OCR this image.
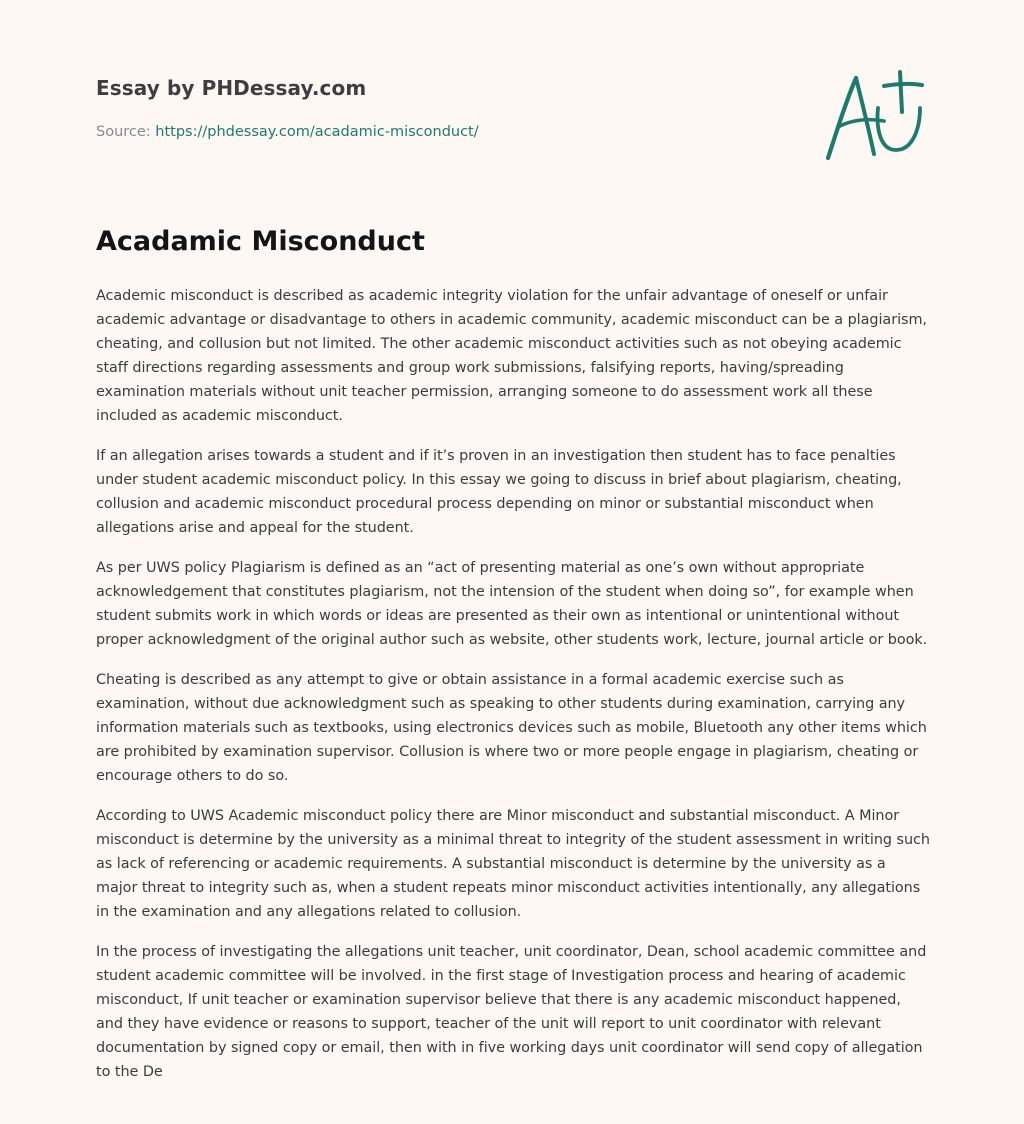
Essay by PHDessay.com
Source: https://phdessay.com/acadamic-misconduct/
Acadamic Misconduct

Academic misconduct is described as academic integrity violation for the unfair advantage of oneself or unfair academic advantage or disadvantage to others in academic community, academic misconduct can be a plagiarism, cheating, and collusion but not limited. The other academic misconduct activities such as not obeying academic staff directions regarding assessments and group work submissions, falsifying reports, having/spreading examination materials without unit teacher permission, arranging someone to do assessment work all these included as academic misconduct.

If an allegation arises towards a student and if it’s proven in an investigation then student has to face penalties under student academic misconduct policy. In this essay we going to discuss in brief about plagiarism, cheating, collusion and academic misconduct procedural process depending on minor or substantial misconduct when allegations arise and appeal for the student.

As per UWS policy Plagiarism is defined as an “act of presenting material as one’s own without appropriate acknowledgement that constitutes plagiarism, not the intension of the student when doing so”, for example when student submits work in which words or ideas are presented as their own as intentional or unintentional without proper acknowledgment of the original author such as website, other students work, lecture, journal article or book.

Cheating is described as any attempt to give or obtain assistance in a formal academic exercise such as examination, without due acknowledgment such as speaking to other students during examination, carrying any information materials such as textbooks, using electronics devices such as mobile, Bluetooth any other items which are prohibited by examination supervisor. Collusion is where two or more people engage in plagiarism, cheating or encourage others to do so.

According to UWS Academic misconduct policy there are Minor misconduct and substantial misconduct. A Minor misconduct is determine by the university as a minimal threat to integrity of the student assessment in writing such as lack of referencing or academic requirements. A substantial misconduct is determine by the university as a major threat to integrity such as, when a student repeats minor misconduct activities intentionally, any allegations in the examination and any allegations related to collusion.

In the process of investigating the allegations unit teacher, unit coordinator, Dean, school academic committee and student academic committee will be involved. in the first stage of Investigation process and hearing of academic misconduct, If unit teacher or examination supervisor believe that there is any academic misconduct happened, and they have evidence or reasons to support, teacher of the unit will report to unit coordinator with relevant documentation by signed copy or email, then with in five working days unit coordinator will send copy of allegation to the De
